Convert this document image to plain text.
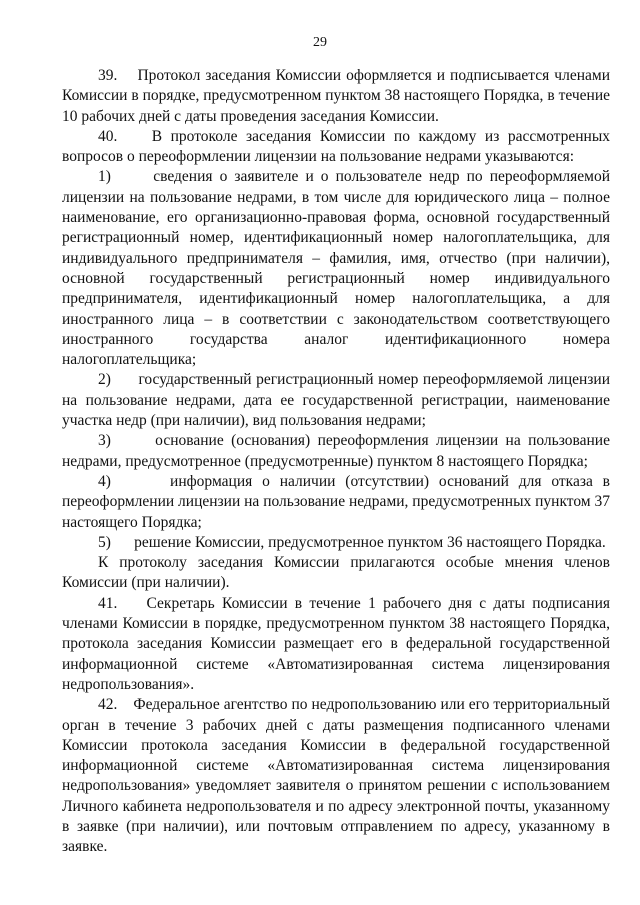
29

39.    Протокол заседания Комиссии оформляется и подписывается членами Комиссии в порядке, предусмотренном пунктом 38 настоящего Порядка, в течение 10 рабочих дней с даты проведения заседания Комиссии.

40.    В протоколе заседания Комиссии по каждому из рассмотренных вопросов о переоформлении лицензии на пользование недрами указываются:

1)      сведения о заявителе и о пользователе недр по переоформляемой лицензии на пользование недрами, в том числе для юридического лица – полное наименование, его организационно-правовая форма, основной государственный регистрационный номер, идентификационный номер налогоплательщика, для индивидуального предпринимателя – фамилия, имя, отчество (при наличии), основной государственный регистрационный номер индивидуального предпринимателя, идентификационный номер налогоплательщика, а для иностранного лица – в соответствии с законодательством соответствующего иностранного государства аналог идентификационного номера налогоплательщика;

2)      государственный регистрационный номер переоформляемой лицензии на пользование недрами, дата ее государственной регистрации, наименование участка недр (при наличии), вид пользования недрами;

3)      основание (основания) переоформления лицензии на пользование недрами, предусмотренное (предусмотренные) пунктом 8 настоящего Порядка;

4)      информация о наличии (отсутствии) оснований для отказа в переоформлении лицензии на пользование недрами, предусмотренных пунктом 37 настоящего Порядка;

5)      решение Комиссии, предусмотренное пунктом 36 настоящего Порядка.

К протоколу заседания Комиссии прилагаются особые мнения членов Комиссии (при наличии).

41.    Секретарь Комиссии в течение 1 рабочего дня с даты подписания членами Комиссии в порядке, предусмотренном пунктом 38 настоящего Порядка, протокола заседания Комиссии размещает его в федеральной государственной информационной системе «Автоматизированная система лицензирования недропользования».

42.    Федеральное агентство по недропользованию или его территориальный орган в течение 3 рабочих дней с даты размещения подписанного членами Комиссии протокола заседания Комиссии в федеральной государственной информационной системе «Автоматизированная система лицензирования недропользования» уведомляет заявителя о принятом решении с использованием Личного кабинета недропользователя и по адресу электронной почты, указанному в заявке (при наличии), или почтовым отправлением по адресу, указанному в заявке.
